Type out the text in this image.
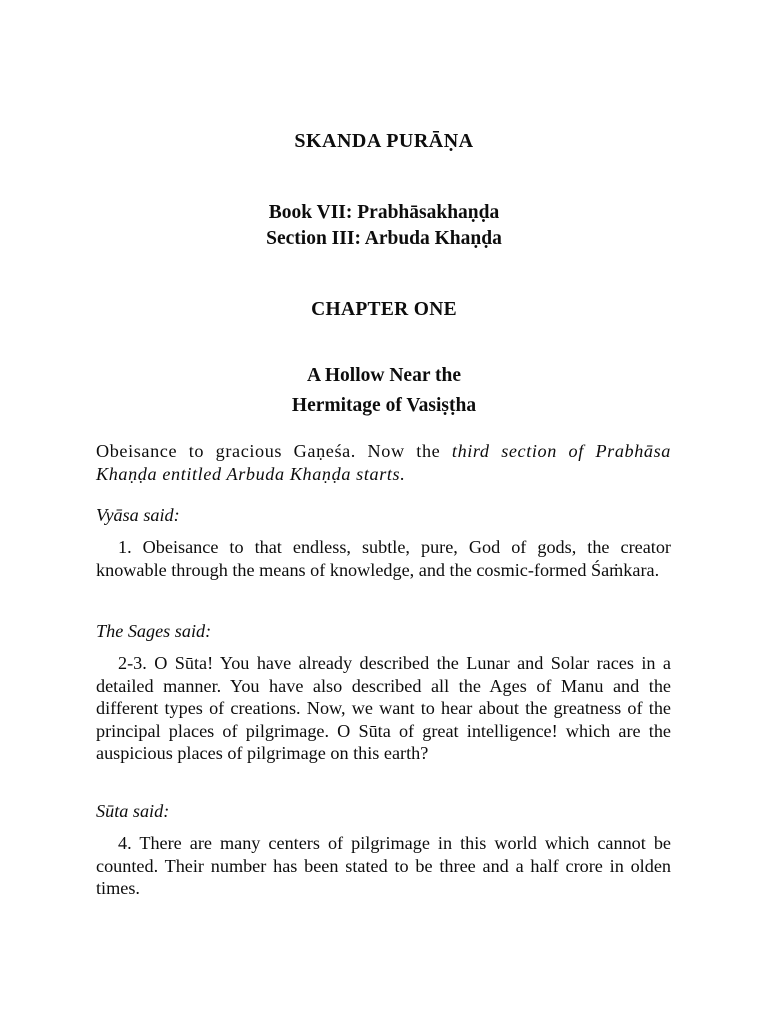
SKANDA PURĀṆA
Book VII: Prabhāsakhaṇḍa
Section III: Arbuda Khaṇḍa
CHAPTER ONE
A Hollow Near the
Hermitage of Vasiṣṭha

Obeisance to gracious Gaṇeśa. Now the third section of Prabhāsa Khaṇḍa entitled Arbuda Khaṇḍa starts.

Vyāsa said:

1. Obeisance to that endless, subtle, pure, God of gods, the creator knowable through the means of knowledge, and the cosmic-formed Śaṁkara.

The Sages said:

2-3. O Sūta! You have already described the Lunar and Solar races in a detailed manner. You have also described all the Ages of Manu and the different types of creations. Now, we want to hear about the greatness of the principal places of pilgrimage. O Sūta of great intelligence! which are the auspicious places of pilgrimage on this earth?

Sūta said:

4. There are many centers of pilgrimage in this world which cannot be counted. Their number has been stated to be three and a half crore in olden times.
